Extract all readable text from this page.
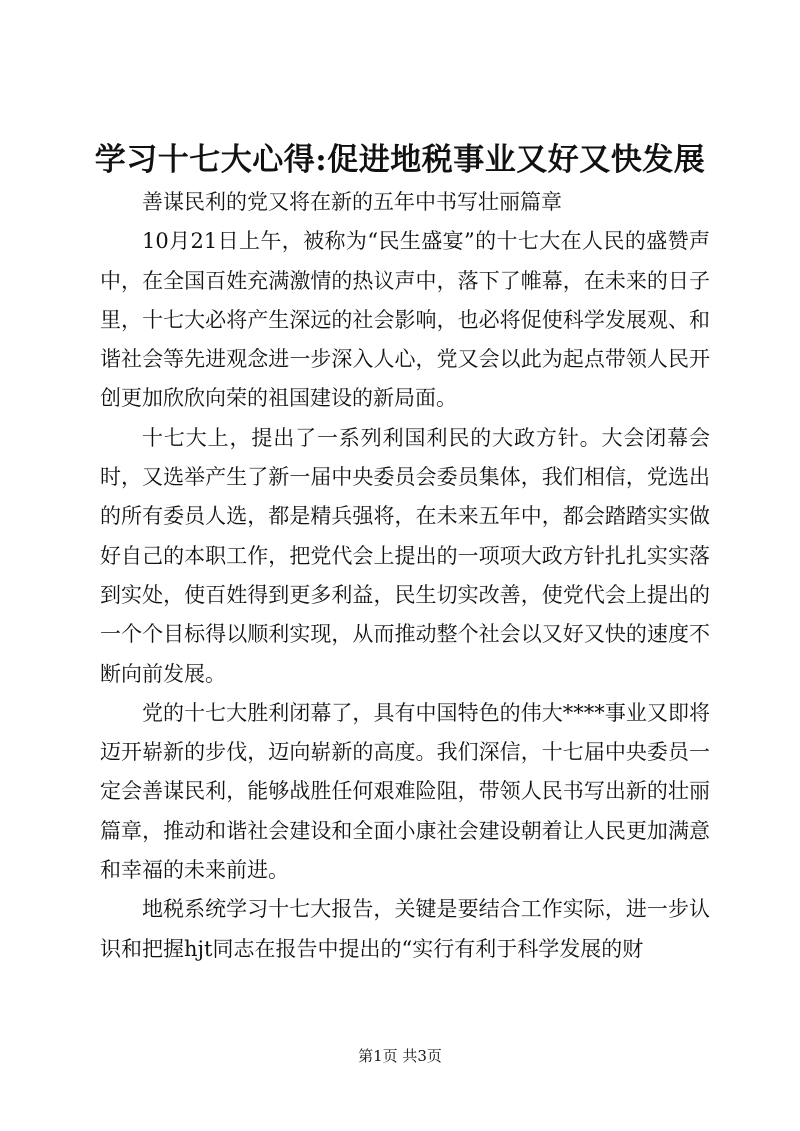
学习十七大心得:促进地税事业又好又快发展

善谋民利的党又将在新的五年中书写壮丽篇章

10月21日上午，被称为“民生盛宴”的十七大在人民的盛赞声中，在全国百姓充满激情的热议声中，落下了帷幕，在未来的日子里，十七大必将产生深远的社会影响，也必将促使科学发展观、和谐社会等先进观念进一步深入人心，党又会以此为起点带领人民开创更加欣欣向荣的祖国建设的新局面。

十七大上，提出了一系列利国利民的大政方针。大会闭幕会时，又选举产生了新一届中央委员会委员集体，我们相信，党选出的所有委员人选，都是精兵强将，在未来五年中，都会踏踏实实做好自己的本职工作，把党代会上提出的一项项大政方针扎扎实实落到实处，使百姓得到更多利益，民生切实改善，使党代会上提出的一个个目标得以顺利实现，从而推动整个社会以又好又快的速度不断向前发展。

党的十七大胜利闭幕了，具有中国特色的伟大****事业又即将迈开崭新的步伐，迈向崭新的高度。我们深信，十七届中央委员一定会善谋民利，能够战胜任何艰难险阻，带领人民书写出新的壮丽篇章，推动和谐社会建设和全面小康社会建设朝着让人民更加满意和幸福的未来前进。

地税系统学习十七大报告，关键是要结合工作实际，进一步认识和把握hjt同志在报告中提出的“实行有利于科学发展的财

第1页 共3页
